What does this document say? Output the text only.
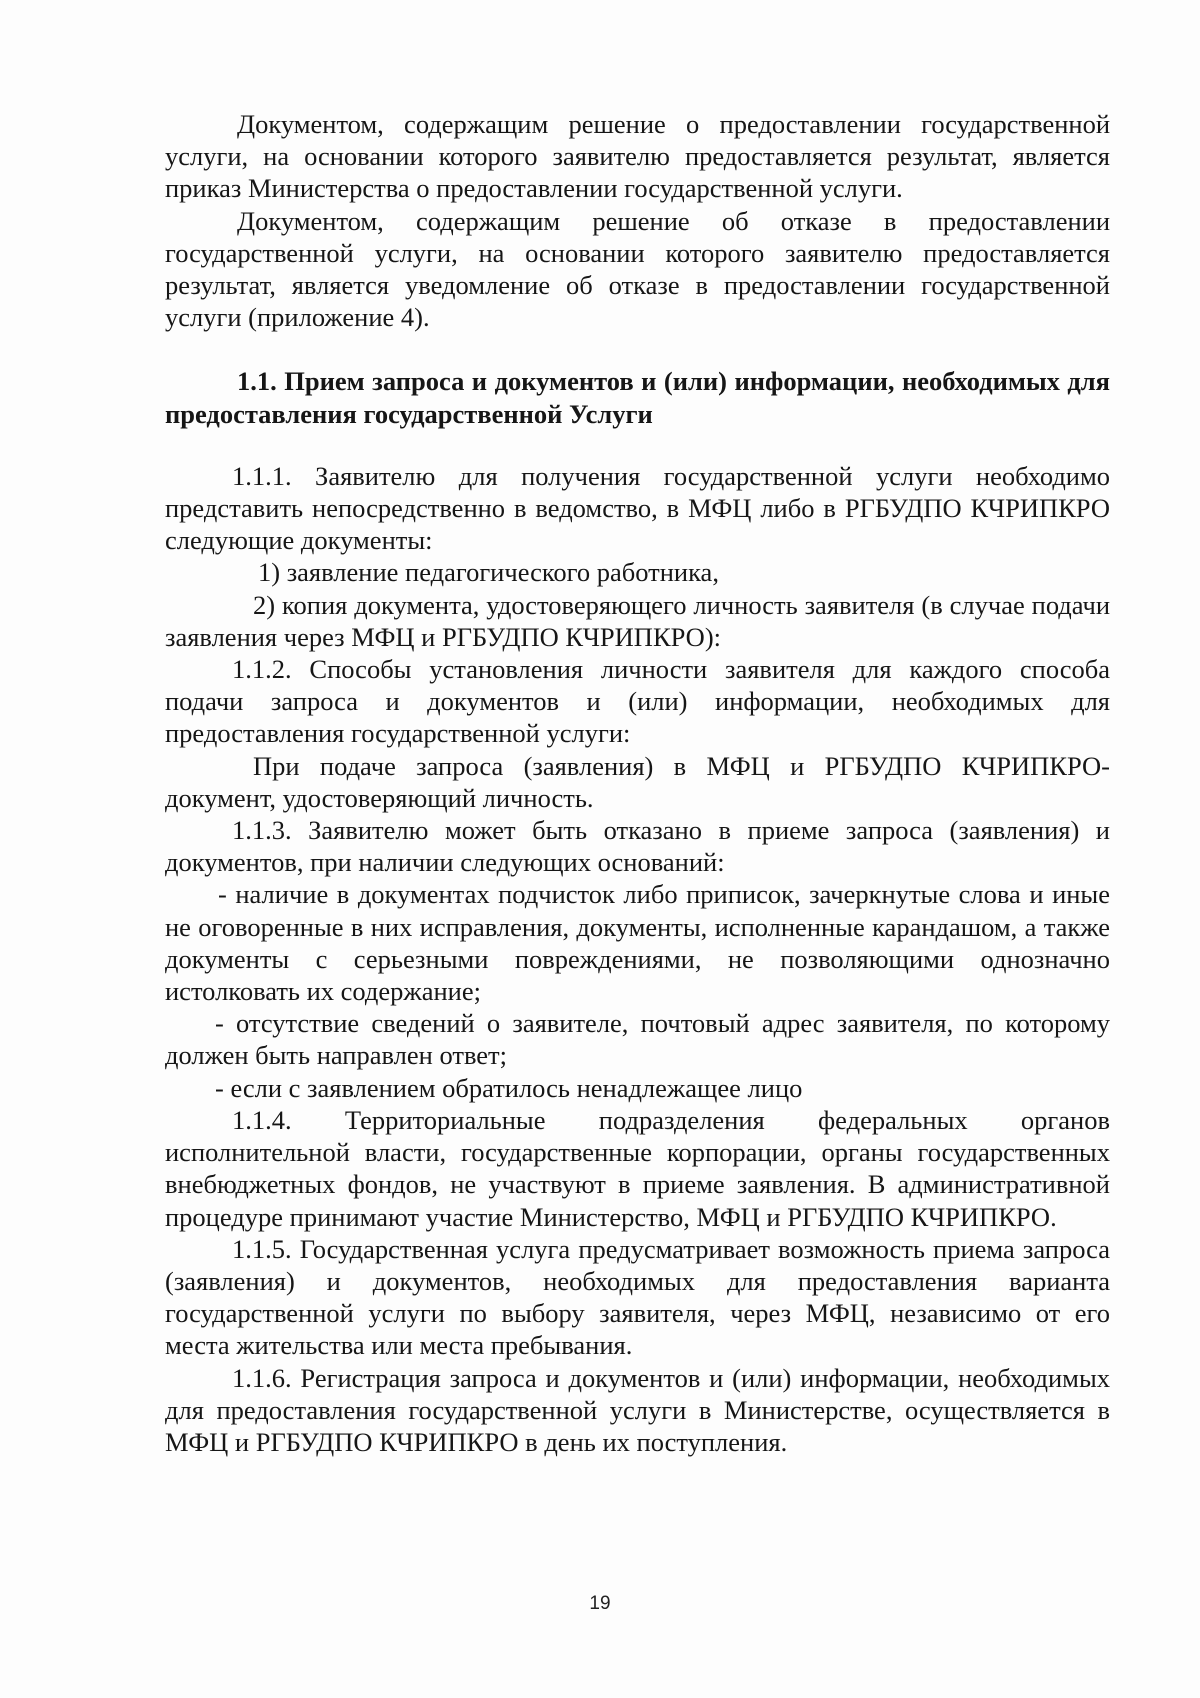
Документом, содержащим решение о предоставлении государственной услуги, на основании которого заявителю предоставляется результат, является приказ Министерства о предоставлении государственной услуги.

Документом, содержащим решение об отказе в предоставлении государственной услуги, на основании которого заявителю предоставляется результат, является уведомление об отказе в предоставлении государственной услуги (приложение 4).

1.1. Прием запроса и документов и (или) информации, необходимых для предоставления государственной Услуги

1.1.1. Заявителю для получения государственной услуги необходимо представить непосредственно в ведомство, в МФЦ либо в РГБУДПО КЧРИПКРО следующие документы:

1) заявление педагогического работника,

2) копия документа, удостоверяющего личность заявителя (в случае подачи заявления через МФЦ и РГБУДПО КЧРИПКРО):

1.1.2. Способы установления личности заявителя для каждого способа подачи запроса и документов и (или) информации, необходимых для предоставления государственной услуги:

При подаче запроса (заявления) в МФЦ и РГБУДПО КЧРИПКРО-документ, удостоверяющий личность.

1.1.3. Заявителю может быть отказано в приеме запроса (заявления) и документов, при наличии следующих оснований:

- наличие в документах подчисток либо приписок, зачеркнутые слова и иные не оговоренные в них исправления, документы, исполненные карандашом, а также документы с серьезными повреждениями, не позволяющими однозначно истолковать их содержание;

- отсутствие сведений о заявителе, почтовый адрес заявителя, по которому должен быть направлен ответ;

- если с заявлением обратилось ненадлежащее лицо

1.1.4. Территориальные подразделения федеральных органов исполнительной власти, государственные корпорации, органы государственных внебюджетных фондов, не участвуют в приеме заявления. В административной процедуре принимают участие Министерство, МФЦ и РГБУДПО КЧРИПКРО.

1.1.5. Государственная услуга предусматривает возможность приема запроса (заявления) и документов, необходимых для предоставления варианта государственной услуги по выбору заявителя, через МФЦ, независимо от его места жительства или места пребывания.

1.1.6. Регистрация запроса и документов и (или) информации, необходимых для предоставления государственной услуги в Министерстве, осуществляется в МФЦ и РГБУДПО КЧРИПКРО в день их поступления.

19
